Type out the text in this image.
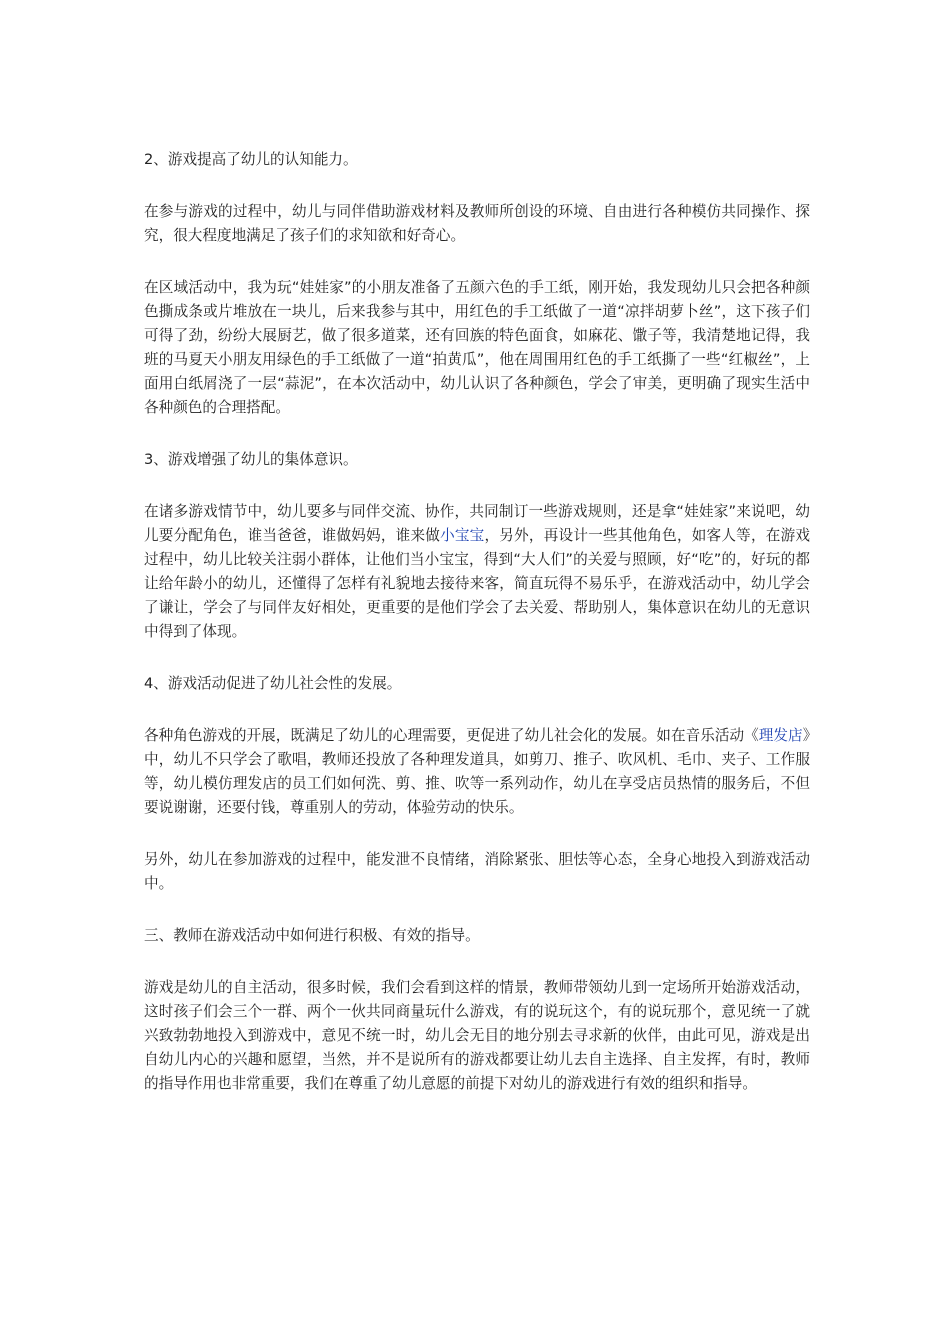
2、游戏提高了幼儿的认知能力。

在参与游戏的过程中，幼儿与同伴借助游戏材料及教师所创设的环境、自由进行各种模仿共同操作、探究，很大程度地满足了孩子们的求知欲和好奇心。

在区域活动中，我为玩“娃娃家”的小朋友准备了五颜六色的手工纸，刚开始，我发现幼儿只会把各种颜色撕成条或片堆放在一块儿，后来我参与其中，用红色的手工纸做了一道“凉拌胡萝卜丝”，这下孩子们可得了劲，纷纷大展厨艺，做了很多道菜，还有回族的特色面食，如麻花、馓子等，我清楚地记得，我班的马夏天小朋友用绿色的手工纸做了一道“拍黄瓜”，他在周围用红色的手工纸撕了一些“红椒丝”，上面用白纸屑浇了一层“蒜泥”，在本次活动中，幼儿认识了各种颜色，学会了审美，更明确了现实生活中各种颜色的合理搭配。

3、游戏增强了幼儿的集体意识。

在诸多游戏情节中，幼儿要多与同伴交流、协作，共同制订一些游戏规则，还是拿“娃娃家”来说吧，幼儿要分配角色，谁当爸爸，谁做妈妈，谁来做小宝宝，另外，再设计一些其他角色，如客人等，在游戏过程中，幼儿比较关注弱小群体，让他们当小宝宝，得到“大人们”的关爱与照顾，好“吃”的，好玩的都让给年龄小的幼儿，还懂得了怎样有礼貌地去接待来客，简直玩得不易乐乎，在游戏活动中，幼儿学会了谦让，学会了与同伴友好相处，更重要的是他们学会了去关爱、帮助别人，集体意识在幼儿的无意识中得到了体现。

4、游戏活动促进了幼儿社会性的发展。

各种角色游戏的开展，既满足了幼儿的心理需要，更促进了幼儿社会化的发展。如在音乐活动《理发店》中，幼儿不只学会了歌唱，教师还投放了各种理发道具，如剪刀、推子、吹风机、毛巾、夹子、工作服等，幼儿模仿理发店的员工们如何洗、剪、推、吹等一系列动作，幼儿在享受店员热情的服务后，不但要说谢谢，还要付钱，尊重别人的劳动，体验劳动的快乐。

另外，幼儿在参加游戏的过程中，能发泄不良情绪，消除紧张、胆怯等心态，全身心地投入到游戏活动中。

三、教师在游戏活动中如何进行积极、有效的指导。

游戏是幼儿的自主活动，很多时候，我们会看到这样的情景，教师带领幼儿到一定场所开始游戏活动，这时孩子们会三个一群、两个一伙共同商量玩什么游戏，有的说玩这个，有的说玩那个，意见统一了就兴致勃勃地投入到游戏中，意见不统一时，幼儿会无目的地分别去寻求新的伙伴，由此可见，游戏是出自幼儿内心的兴趣和愿望，当然，并不是说所有的游戏都要让幼儿去自主选择、自主发挥，有时，教师的指导作用也非常重要，我们在尊重了幼儿意愿的前提下对幼儿的游戏进行有效的组织和指导。
